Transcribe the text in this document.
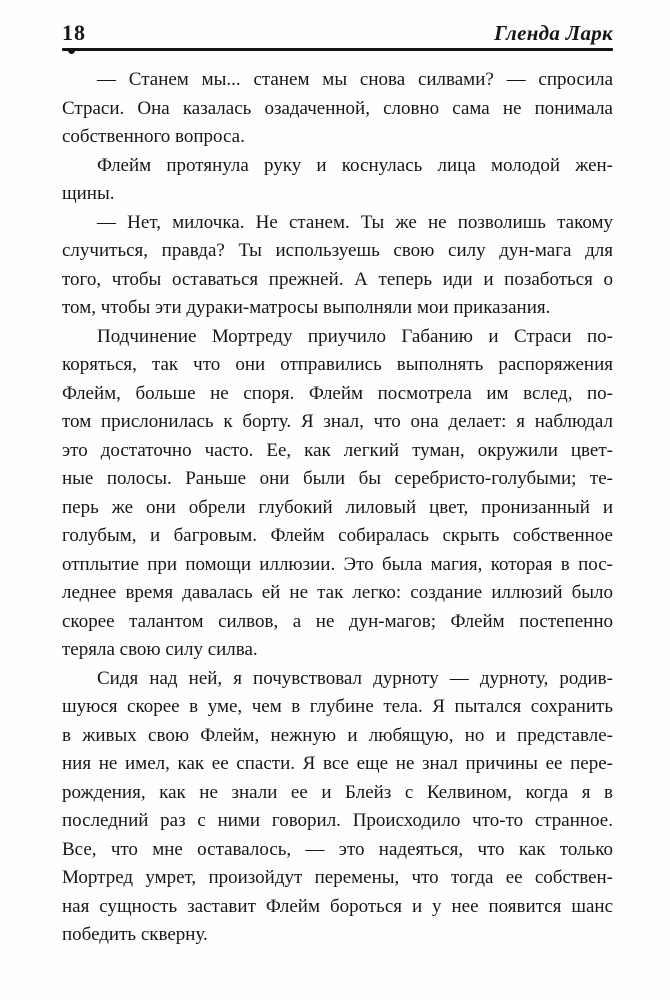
18	Гленда Ларк
— Станем мы... станем мы снова силвами? — спросила
Страси. Она казалась озадаченной, словно сама не понимала
собственного вопроса.
Флейм протянула руку и коснулась лица молодой жен-
щины.
— Нет, милочка. Не станем. Ты же не позволишь такому
случиться, правда? Ты используешь свою силу дун-мага для
того, чтобы оставаться прежней. А теперь иди и позаботься о
том, чтобы эти дураки-матросы выполняли мои приказания.
Подчинение Мортреду приучило Габанию и Страси по-
коряться, так что они отправились выполнять распоряжения
Флейм, больше не споря. Флейм посмотрела им вслед, по-
том прислонилась к борту. Я знал, что она делает: я наблюдал
это достаточно часто. Ее, как легкий туман, окружили цвет-
ные полосы. Раньше они были бы серебристо-голубыми; те-
перь же они обрели глубокий лиловый цвет, пронизанный и
голубым, и багровым. Флейм собиралась скрыть собственное
отплытие при помощи иллюзии. Это была магия, которая в пос-
леднее время давалась ей не так легко: создание иллюзий было
скорее талантом силвов, а не дун-магов; Флейм постепенно
теряла свою силу силва.
Сидя над ней, я почувствовал дурноту — дурноту, родив-
шуюся скорее в уме, чем в глубине тела. Я пытался сохранить
в живых свою Флейм, нежную и любящую, но и представле-
ния не имел, как ее спасти. Я все еще не знал причины ее пере-
рождения, как не знали ее и Блейз с Келвином, когда я в
последний раз с ними говорил. Происходило что-то странное.
Все, что мне оставалось, — это надеяться, что как только
Мортред умрет, произойдут перемены, что тогда ее собствен-
ная сущность заставит Флейм бороться и у нее появится шанс
победить скверну.
